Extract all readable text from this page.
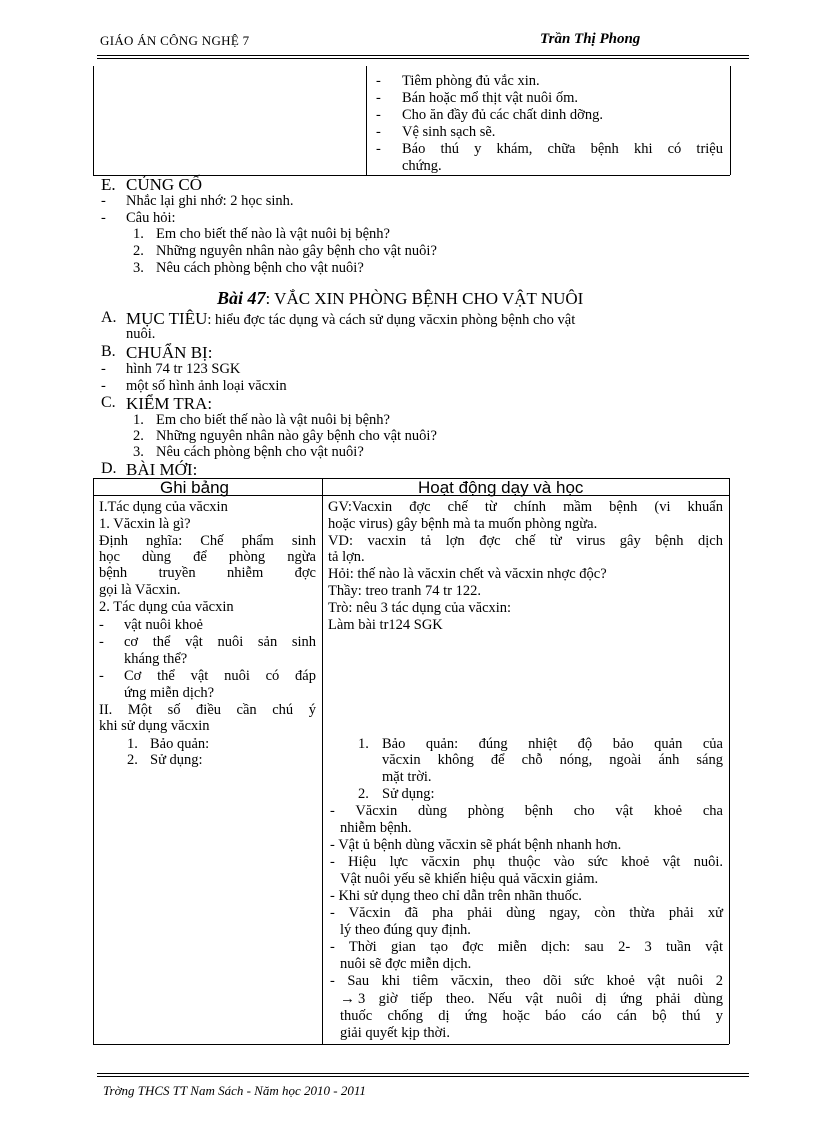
GIÁO ÁN CÔNG NGHỆ 7	Trần Thị Phong
- Tiêm phòng đủ vắc xin.
- Bán hoặc mổ thịt vật nuôi ốm.
- Cho ăn đầy đủ các chất dinh dỡng.
- Vệ sinh sạch sẽ.
- Báo thú y khám, chữa bệnh khi có triệu
chứng.
E. CỦNG CỐ
- Nhắc lại ghi nhớ: 2 học sinh.
- Câu hỏi:
1. Em cho biết thế nào là vật nuôi bị bệnh?
2. Những nguyên nhân nào gây bệnh cho vật nuôi?
3. Nêu cách phòng bệnh cho vật nuôi?
Bài 47: VẮC XIN PHÒNG BỆNH CHO VẬT NUÔI
A. MỤC TIÊU: hiểu đợc tác dụng và cách sử dụng văcxin phòng bệnh cho vật
nuôi.
B. CHUẨN BỊ:
- hình 74 tr 123 SGK
- một số hình ảnh loại văcxin
C. KIỂM TRA:
1. Em cho biết thế nào là vật nuôi bị bệnh?
2. Những nguyên nhân nào gây bệnh cho vật nuôi?
3. Nêu cách phòng bệnh cho vật nuôi?
D. BÀI MỚI:
Ghi bảng	Hoạt động dạy và học
I.Tác dụng của văcxin
1. Văcxin là gì?
Định nghĩa: Chế phẩm sinh
học dùng để phòng ngừa
bệnh truyền nhiễm đợc
gọi là Văcxin.
2. Tác dụng của văcxin
- vật nuôi khoẻ
- cơ thể vật nuôi sản sinh
kháng thể?
- Cơ thể vật nuôi có đáp
ứng miễn dịch?
II. Một số điều cần chú ý
khi sử dụng văcxin
1. Bảo quản:
2. Sử dụng:
GV:Vacxin đợc chế từ chính mầm bệnh (vi khuẩn
hoặc virus) gây bệnh mà ta muốn phòng ngừa.
VD: vacxin tả lợn đợc chế từ virus gây bệnh dịch
tả lợn.
Hỏi: thế nào là văcxin chết và văcxin nhợc độc?
Thầy: treo tranh 74 tr 122.
Trò: nêu 3 tác dụng của văcxin:
Làm bài tr124 SGK
1. Bảo quản: đúng nhiệt độ bảo quản của
văcxin không để chỗ nóng, ngoài ánh sáng
mặt trời.
2. Sử dụng:
- Văcxin dùng phòng bệnh cho vật khoẻ cha
nhiễm bệnh.
- Vật ủ bệnh dùng văcxin sẽ phát bệnh nhanh hơn.
- Hiệu lực văcxin phụ thuộc vào sức khoẻ vật nuôi.
Vật nuôi yếu sẽ khiến hiệu quả văcxin giảm.
- Khi sử dụng theo chỉ dẫn trên nhãn thuốc.
- Văcxin đã pha phải dùng ngay, còn thừa phải xử
lý theo đúng quy định.
- Thời gian tạo đợc miễn dịch: sau 2- 3 tuần vật
nuôi sẽ đợc miễn dịch.
- Sau khi tiêm văcxin, theo dõi sức khoẻ vật nuôi 2
→ 3 giờ tiếp theo. Nếu vật nuôi dị ứng phải dùng
thuốc chống dị ứng hoặc báo cáo cán bộ thú y
giải quyết kịp thời.
Trờng THCS TT Nam Sách - Năm học 2010 - 2011
